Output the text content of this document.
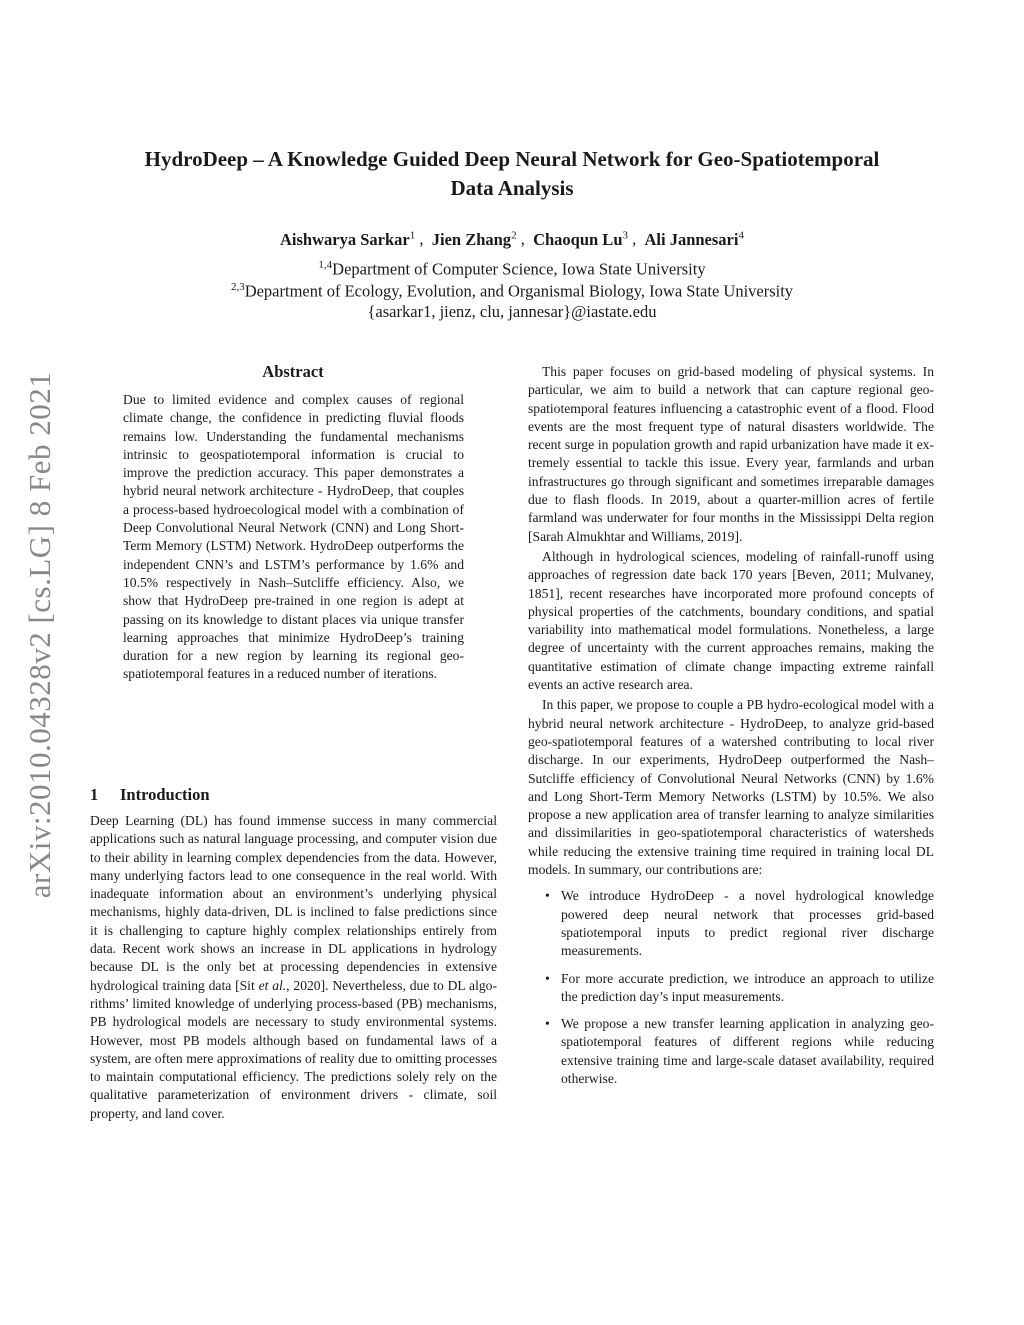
arXiv:2010.04328v2 [cs.LG] 8 Feb 2021
HydroDeep – A Knowledge Guided Deep Neural Network for Geo-Spatiotemporal
Data Analysis
Aishwarya Sarkar$^1$ ,  Jien Zhang$^2$ ,  Chaoqun Lu$^3$ ,  Ali Jannesari$^4$
$^{1,4}$Department of Computer Science, Iowa State University
$^{2,3}$Department of Ecology, Evolution, and Organismal Biology, Iowa State University
{asarkar1, jienz, clu, jannesar}@iastate.edu
Abstract
Due to limited evidence and complex causes of regional climate change, the confidence in predicting fluvial floods remains low. Understanding the fundamental mechanisms intrinsic to geospatiotemporal information is crucial to improve the prediction accuracy. This paper demonstrates a hybrid neural network architecture - HydroDeep, that couples a process-based hydroecological model with a combination of Deep Convolutional Neural Network (CNN) and Long Short-Term Memory (LSTM) Network. HydroDeep outperforms the independent CNN’s and LSTM’s performance by 1.6% and 10.5% respectively in Nash–Sutcliffe efficiency. Also, we show that HydroDeep pre-trained in one region is adept at passing on its knowledge to distant places via unique transfer learning approaches that minimize HydroDeep’s training duration for a new region by learning its regional geo-spatiotemporal features in a reduced number of iterations.
1 Introduction

Deep Learning (DL) has found immense success in many commercial applications such as natural language processing, and computer vision due to their ability in learning complex dependencies from the data. However, many underlying factors lead to one consequence in the real world. With inadequate information about an environment’s underlying physical mechanisms, highly data-driven, DL is inclined to false predictions since it is challenging to capture highly complex relationships entirely from data. Recent work shows an increase in DL applications in hydrology because DL is the only bet at processing dependencies in extensive hydrological training data [Sit et al., 2020]. Nevertheless, due to DL algorithms’ limited knowledge of underlying process-based (PB) mechanisms, PB hydrological models are necessary to study environmental systems. However, most PB models although based on fundamental laws of a system, are often mere approximations of reality due to omitting processes to maintain computational efficiency. The predictions solely rely on the qualitative parameterization of environment drivers - climate, soil property, and land cover.

This paper focuses on grid-based modeling of physical systems. In particular, we aim to build a network that can capture regional geo-spatiotemporal features influencing a catastrophic event of a flood. Flood events are the most frequent type of natural disasters worldwide. The recent surge in population growth and rapid urbanization have made it extremely essential to tackle this issue. Every year, farmlands and urban infrastructures go through significant and sometimes irreparable damages due to flash floods. In 2019, about a quarter-million acres of fertile farmland was underwater for four months in the Mississippi Delta region [Sarah Almukhtar and Williams, 2019].

Although in hydrological sciences, modeling of rainfall-runoff using approaches of regression date back 170 years [Beven, 2011; Mulvaney, 1851], recent researches have incorporated more profound concepts of physical properties of the catchments, boundary conditions, and spatial variability into mathematical model formulations. Nonetheless, a large degree of uncertainty with the current approaches remains, making the quantitative estimation of climate change impacting extreme rainfall events an active research area.

In this paper, we propose to couple a PB hydro-ecological model with a hybrid neural network architecture - HydroDeep, to analyze grid-based geo-spatiotemporal features of a watershed contributing to local river discharge. In our experiments, HydroDeep outperformed the Nash–Sutcliffe efficiency of Convolutional Neural Networks (CNN) by 1.6% and Long Short-Term Memory Networks (LSTM) by 10.5%. We also propose a new application area of transfer learning to analyze similarities and dissimilarities in geo-spatiotemporal characteristics of watersheds while reducing the extensive training time required in training local DL models. In summary, our contributions are:

• We introduce HydroDeep - a novel hydrological knowledge powered deep neural network that processes grid-based spatiotemporal inputs to predict regional river discharge measurements.
• For more accurate prediction, we introduce an approach to utilize the prediction day’s input measurements.
• We propose a new transfer learning application in analyzing geo-spatiotemporal features of different regions while reducing extensive training time and large-scale dataset availability, required otherwise.
